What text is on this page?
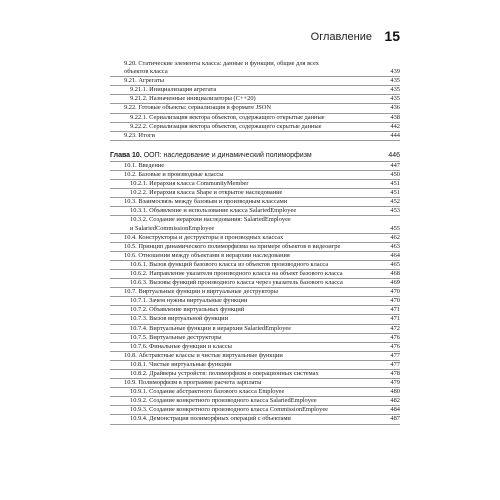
Оглавление 15
9.20. Статические элементы класса: данные и функции, общие для всех
объектов класса	439
9.21. Агрегаты	435
9.21.1. Инициализация агрегата	435
9.21.2. Назначенные инициализаторы (C++20)	435
9.22. Готовые объекты: сериализация в формате JSON	436
9.22.1. Сериализация вектора объектов, содержащего открытые данные	438
9.22.2. Сериализация вектора объектов, содержащего скрытые данные	442
9.23. Итоги	444
Глава 10. ООП: наследование и динамический полиморфизм	446
10.1. Введение	447
10.2. Базовые и производные классы	450
10.2.1. Иерархия класса CommunityMember	451
10.2.2. Иерархия класса Shape и открытое наследование	451
10.3. Взаимосвязь между базовым и производным классами	452
10.3.1. Объявление и использование класса SalariedEmployee	453
10.3.2. Создание иерархии наследования: SalariedEmployee
и SalariedCommissionEmployee	455
10.4. Конструкторы и деструкторы в производных классах	462
10.5. Принцип динамического полиморфизма на примере объектов в видеоигре	463
10.6. Отношения между объектами в иерархии наследования	464
10.6.1. Вызов функций базового класса из объектов производного класса	465
10.6.2. Направление указателя производного класса на объект базового класса	468
10.6.3. Вызовы функций производного класса через указатель базового класса	469
10.7. Виртуальные функции и виртуальные деструкторы	470
10.7.1. Зачем нужны виртуальные функции	470
10.7.2. Объявление виртуальных функций	471
10.7.3. Вызов виртуальной функции	471
10.7.4. Виртуальные функции в иерархии SalariedEmployee	472
10.7.5. Виртуальные деструкторы	476
10.7.6. Финальные функции и классы	476
10.8. Абстрактные классы и чистые виртуальные функции	477
10.8.1. Чистые виртуальные функции	477
10.8.2. Драйверы устройств: полиморфизм в операционных системах	478
10.9. Полиморфизм в программе расчета зарплаты	479
10.9.1. Создание абстрактного базового класса Employee	480
10.9.2. Создание конкретного производного класса SalariedEmployee	482
10.9.3. Создание конкретного производного класса CommissionEmployee	484
10.9.4. Демонстрация полиморфных операций с объектами	487
